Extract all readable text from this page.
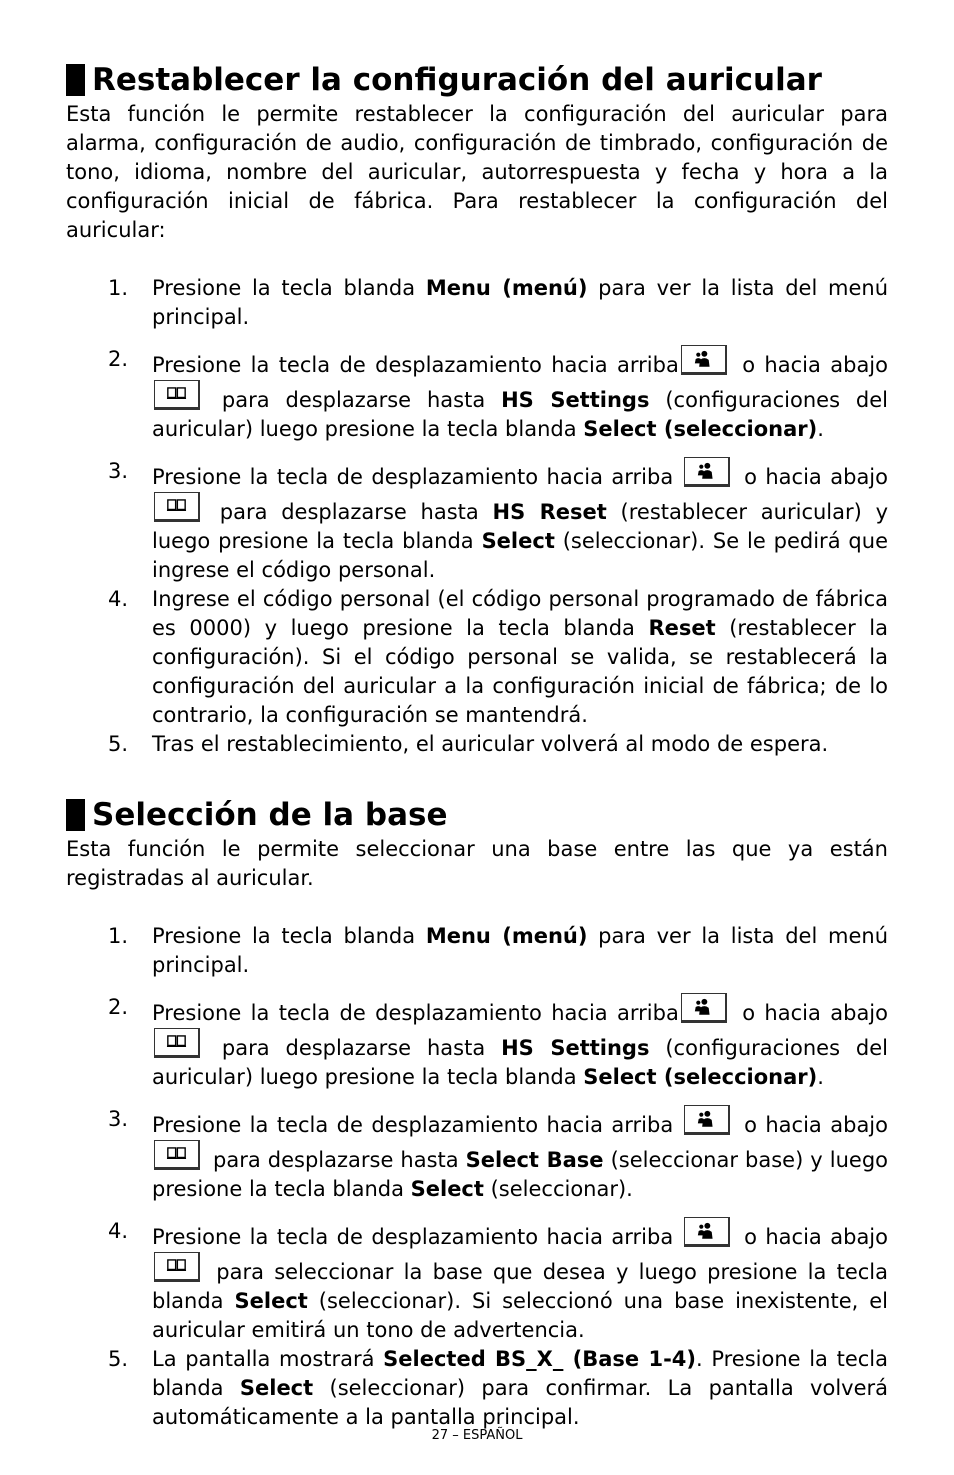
Restablecer la configuración del auricular

Esta función le permite restablecer la configuración del auricular para alarma, configuración de audio, configuración de timbrado, configuración de tono, idioma, nombre del auricular, autorrespuesta y fecha y hora a la configuración inicial de fábrica. Para restablecer la configuración del auricular:

1. Presione la tecla blanda Menu (menú) para ver la lista del menú principal.
2. Presione la tecla de desplazamiento hacia arriba	o hacia abajo
para desplazarse hasta HS Settings (configuraciones del auricular) luego presione la tecla blanda Select (seleccionar).
3. Presione la tecla de desplazamiento hacia arriba	o hacia abajo
para desplazarse hasta HS Reset (restablecer auricular) y luego presione la tecla blanda Select (seleccionar). Se le pedirá que ingrese el código personal.
4. Ingrese el código personal (el código personal programado de fábrica es 0000) y luego presione la tecla blanda Reset (restablecer la configuración). Si el código personal se valida, se restablecerá la configuración del auricular a la configuración inicial de fábrica; de lo contrario, la configuración se mantendrá.
5. Tras el restablecimiento, el auricular volverá al modo de espera.
Selección de la base

Esta función le permite seleccionar una base entre las que ya están registradas al auricular.

1. Presione la tecla blanda Menu (menú) para ver la lista del menú principal.
2. Presione la tecla de desplazamiento hacia arriba	o hacia abajo
para desplazarse hasta HS Settings (configuraciones del auricular) luego presione la tecla blanda Select (seleccionar).
3. Presione la tecla de desplazamiento hacia arriba	o hacia abajo
para desplazarse hasta Select Base (seleccionar base) y luego presione la tecla blanda Select (seleccionar).
4. Presione la tecla de desplazamiento hacia arriba	o hacia abajo
para seleccionar la base que desea y luego presione la tecla blanda Select (seleccionar). Si seleccionó una base inexistente, el auricular emitirá un tono de advertencia.
5. La pantalla mostrará Selected BS_X_ (Base 1-4). Presione la tecla blanda Select (seleccionar) para confirmar. La pantalla volverá automáticamente a la pantalla principal.
27 – ESPAÑOL
